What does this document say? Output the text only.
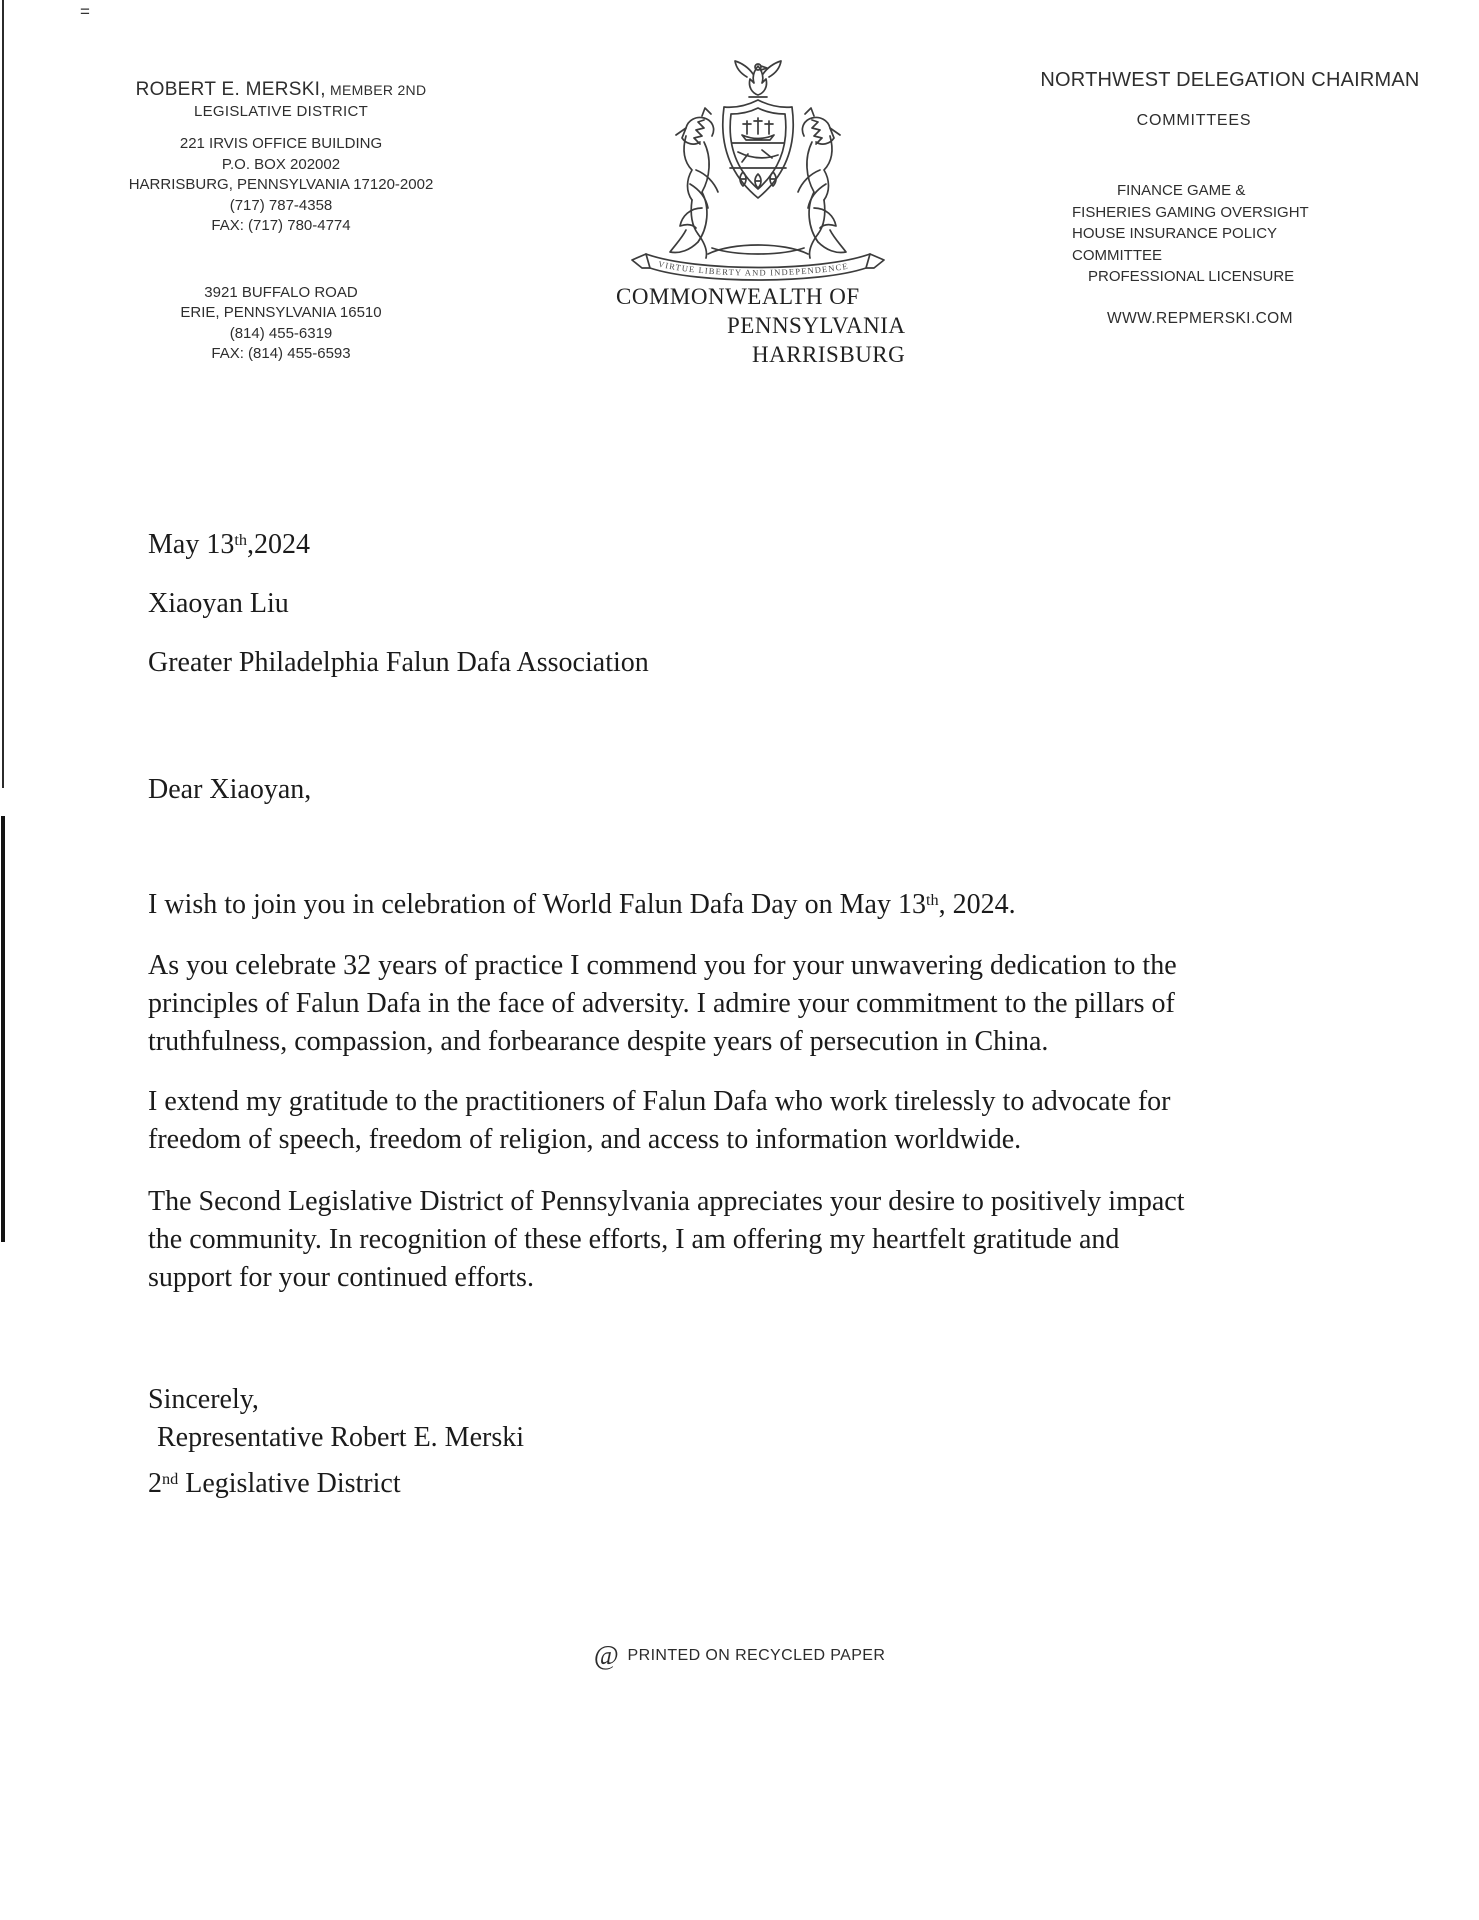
=
ROBERT E. MERSKI, MEMBER 2ND
LEGISLATIVE DISTRICT
221 IRVIS OFFICE BUILDING
P.O. BOX 202002
HARRISBURG, PENNSYLVANIA 17120-2002
(717) 787-4358
FAX: (717) 780-4774
3921 BUFFALO ROAD
ERIE, PENNSYLVANIA 16510
(814) 455-6319
FAX: (814) 455-6593
VIRTUE LIBERTY AND INDEPENDENCE
COMMONWEALTH OF
PENNSYLVANIA
HARRISBURG
NORTHWEST DELEGATION CHAIRMAN
COMMITTEES
FINANCE GAME &
FISHERIES GAMING OVERSIGHT
HOUSE INSURANCE POLICY
COMMITTEE
PROFESSIONAL LICENSURE
WWW.REPMERSKI.COM
May 13th,2024
Xiaoyan Liu
Greater Philadelphia Falun Dafa Association
Dear Xiaoyan,
I wish to join you in celebration of World Falun Dafa Day on May 13th, 2024.
As you celebrate 32 years of practice I commend you for your unwavering dedication to the
principles of Falun Dafa in the face of adversity. I admire your commitment to the pillars of
truthfulness, compassion, and forbearance despite years of persecution in China.
I extend my gratitude to the practitioners of Falun Dafa who work tirelessly to advocate for
freedom of speech, freedom of religion, and access to information worldwide.
The Second Legislative District of Pennsylvania appreciates your desire to positively impact
the community. In recognition of these efforts, I am offering my heartfelt gratitude and
support for your continued efforts.
Sincerely,
Representative Robert E. Merski
2nd Legislative District
@ PRINTED ON RECYCLED PAPER
